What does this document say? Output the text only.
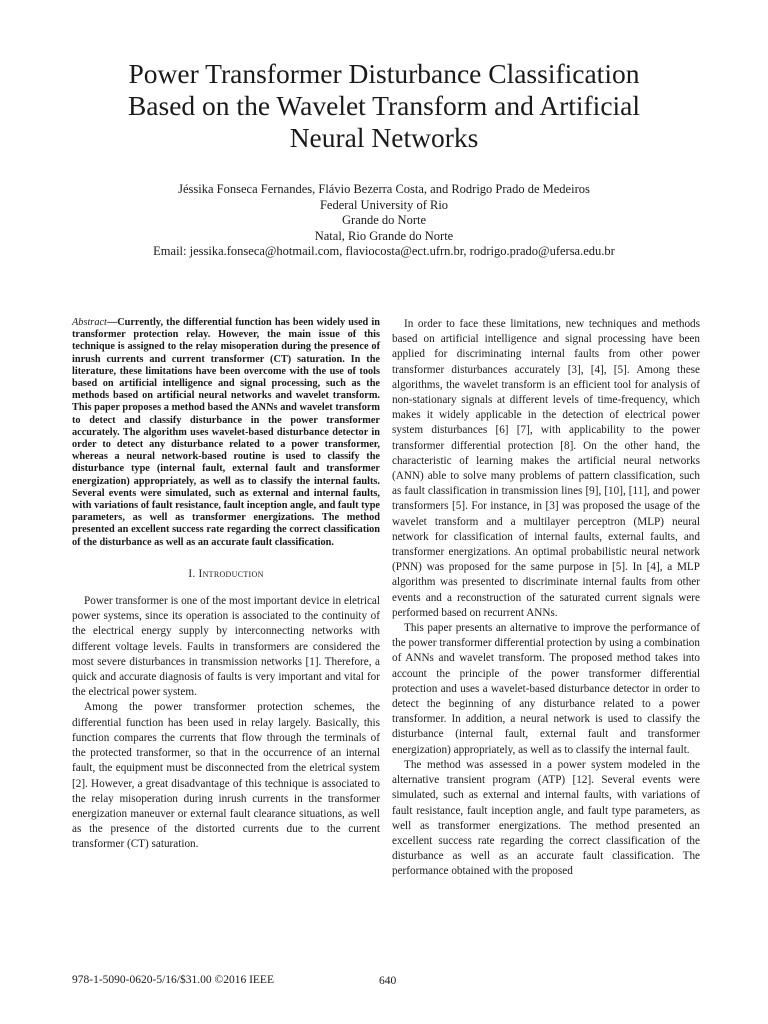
Power Transformer Disturbance Classification
Based on the Wavelet Transform and Artificial
Neural Networks
Jéssika Fonseca Fernandes, Flávio Bezerra Costa, and Rodrigo Prado de Medeiros
Federal University of Rio
Grande do Norte
Natal, Rio Grande do Norte
Email: jessika.fonseca@hotmail.com, flaviocosta@ect.ufrn.br, rodrigo.prado@ufersa.edu.br

Abstract—Currently, the differential function has been widely used in transformer protection relay. However, the main issue of this technique is assigned to the relay misoperation during the presence of inrush currents and current transformer (CT) saturation. In the literature, these limitations have been overcome with the use of tools based on artificial intelligence and signal processing, such as the methods based on artificial neural networks and wavelet transform. This paper proposes a method based the ANNs and wavelet transform to detect and classify disturbance in the power transformer accurately. The algorithm uses wavelet-based disturbance detector in order to detect any disturbance related to a power transformer, whereas a neural network-based routine is used to classify the disturbance type (internal fault, external fault and transformer energization) appropriately, as well as to classify the internal faults. Several events were simulated, such as external and internal faults, with variations of fault resistance, fault inception angle, and fault type parameters, as well as transformer energizations. The method presented an excellent success rate regarding the correct classification of the disturbance as well as an accurate fault classification.

I. Introduction

Power transformer is one of the most important device in eletrical power systems, since its operation is associated to the continuity of the electrical energy supply by interconnecting networks with different voltage levels. Faults in transformers are considered the most severe disturbances in transmission networks [1]. Therefore, a quick and accurate diagnosis of faults is very important and vital for the electrical power system.

Among the power transformer protection schemes, the differential function has been used in relay largely. Basically, this function compares the currents that flow through the terminals of the protected transformer, so that in the occurrence of an internal fault, the equipment must be disconnected from the eletrical system [2]. However, a great disadvantage of this technique is associated to the relay misoperation during inrush currents in the transformer energization maneuver or external fault clearance situations, as well as the presence of the distorted currents due to the current transformer (CT) saturation.

In order to face these limitations, new techniques and methods based on artificial intelligence and signal processing have been applied for discriminating internal faults from other power transformer disturbances accurately [3], [4], [5]. Among these algorithms, the wavelet transform is an efficient tool for analysis of non-stationary signals at different levels of time-frequency, which makes it widely applicable in the detection of electrical power system disturbances [6] [7], with applicability to the power transformer differential protection [8]. On the other hand, the characteristic of learning makes the artificial neural networks (ANN) able to solve many problems of pattern classification, such as fault classification in transmission lines [9], [10], [11], and power transformers [5]. For instance, in [3] was proposed the usage of the wavelet transform and a multilayer perceptron (MLP) neural network for classification of internal faults, external faults, and transformer energizations. An optimal probabilistic neural network (PNN) was proposed for the same purpose in [5]. In [4], a MLP algorithm was presented to discriminate internal faults from other events and a reconstruction of the saturated current signals were performed based on recurrent ANNs.

This paper presents an alternative to improve the performance of the power transformer differential protection by using a combination of ANNs and wavelet transform. The proposed method takes into account the principle of the power transformer differential protection and uses a wavelet-based disturbance detector in order to detect the beginning of any disturbance related to a power transformer. In addition, a neural network is used to classify the disturbance (internal fault, external fault and transformer energization) appropriately, as well as to classify the internal fault.

The method was assessed in a power system modeled in the alternative transient program (ATP) [12]. Several events were simulated, such as external and internal faults, with variations of fault resistance, fault inception angle, and fault type parameters, as well as transformer energizations. The method presented an excellent success rate regarding the correct classification of the disturbance as well as an accurate fault classification. The performance obtained with the proposed

978-1-5090-0620-5/16/$31.00 ©2016 IEEE	640
